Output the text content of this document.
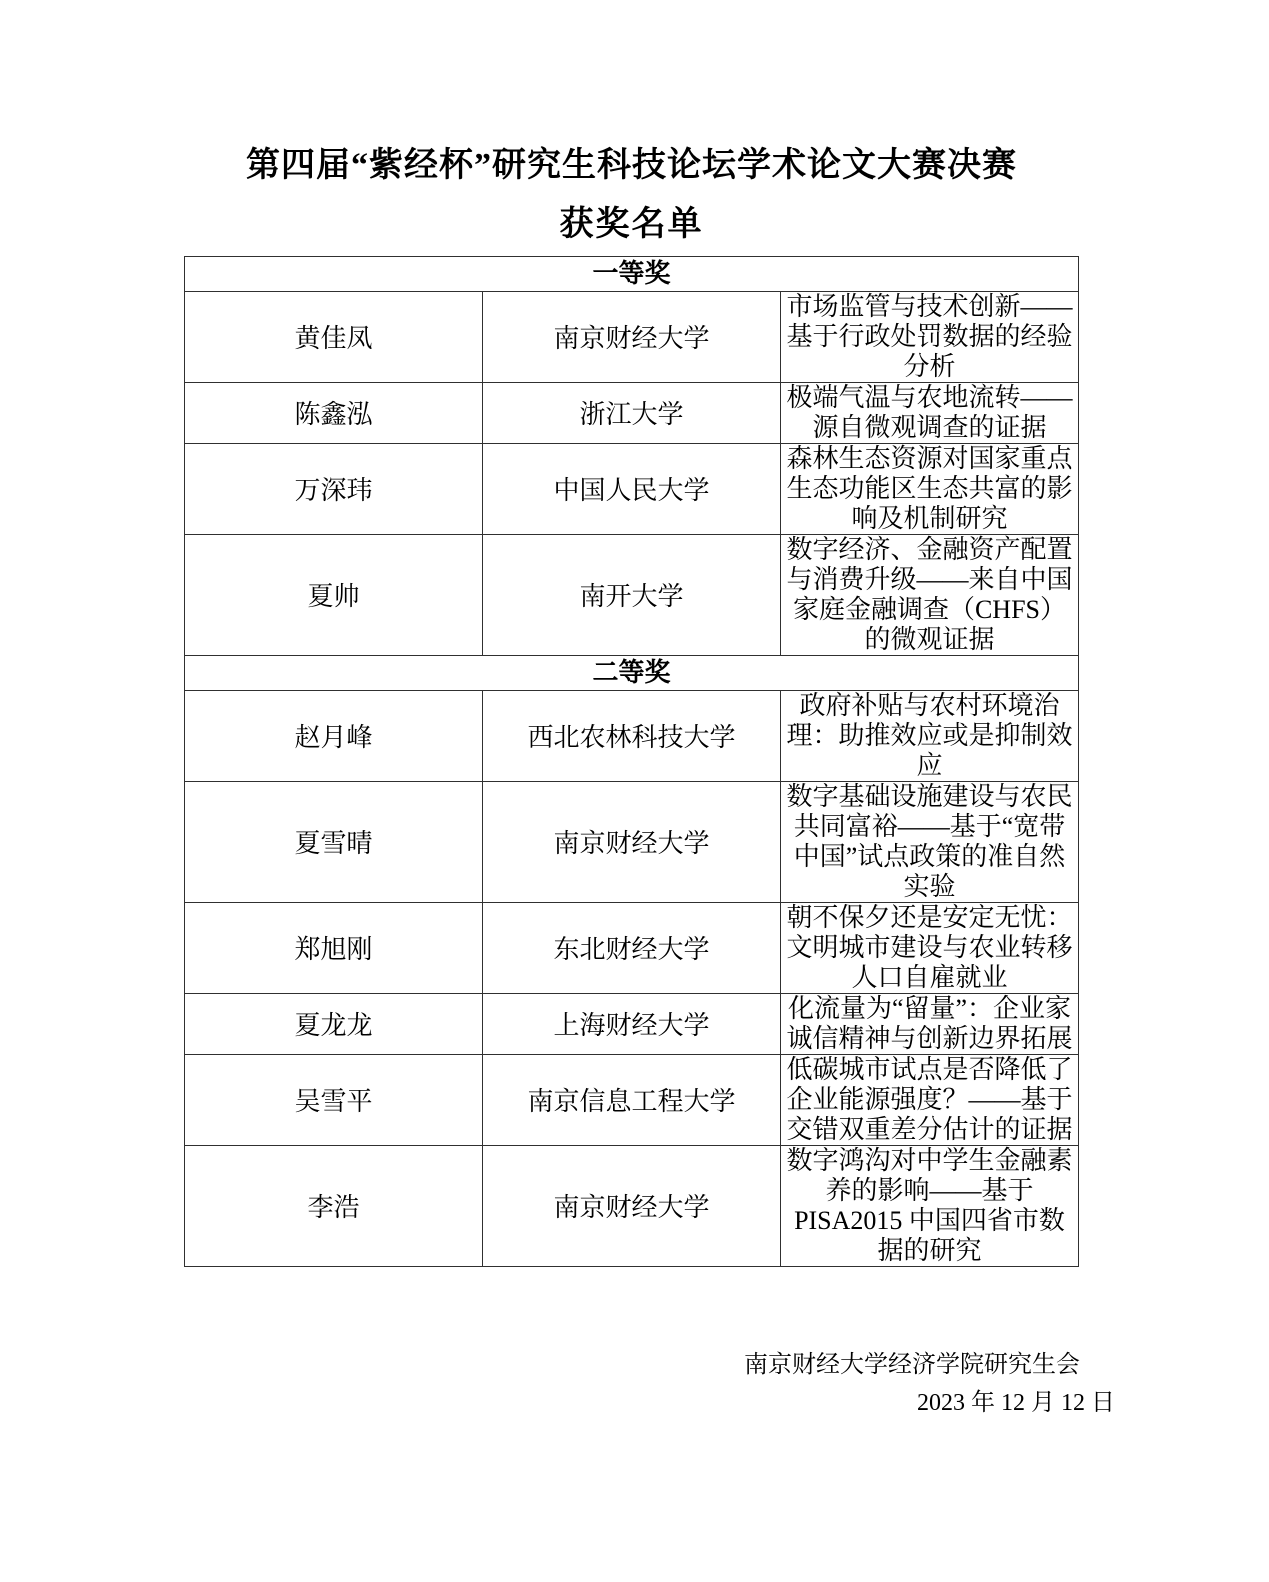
第四届“紫经杯”研究生科技论坛学术论文大赛决赛
获奖名单
一等奖		
黄佳凤	南京财经大学	市场监管与技术创新——基于行政处罚数据的经验分析
陈鑫泓	浙江大学	极端气温与农地流转——源自微观调查的证据
万深玮	中国人民大学	森林生态资源对国家重点生态功能区生态共富的影响及机制研究
夏帅	南开大学	数字经济、金融资产配置与消费升级——来自中国家庭金融调查（CHFS）的微观证据
二等奖		
赵月峰	西北农林科技大学	政府补贴与农村环境治理：助推效应或是抑制效应
夏雪晴	南京财经大学	数字基础设施建设与农民共同富裕——基于“宽带中国”试点政策的准自然实验
郑旭刚	东北财经大学	朝不保夕还是安定无忧：文明城市建设与农业转移人口自雇就业
夏龙龙	上海财经大学	化流量为“留量”：企业家诚信精神与创新边界拓展
吴雪平	南京信息工程大学	低碳城市试点是否降低了企业能源强度？——基于交错双重差分估计的证据
李浩	南京财经大学	数字鸿沟对中学生金融素养的影响——基于PISA2015 中国四省市数据的研究
南京财经大学经济学院研究生会
2023 年 12 月 12 日
